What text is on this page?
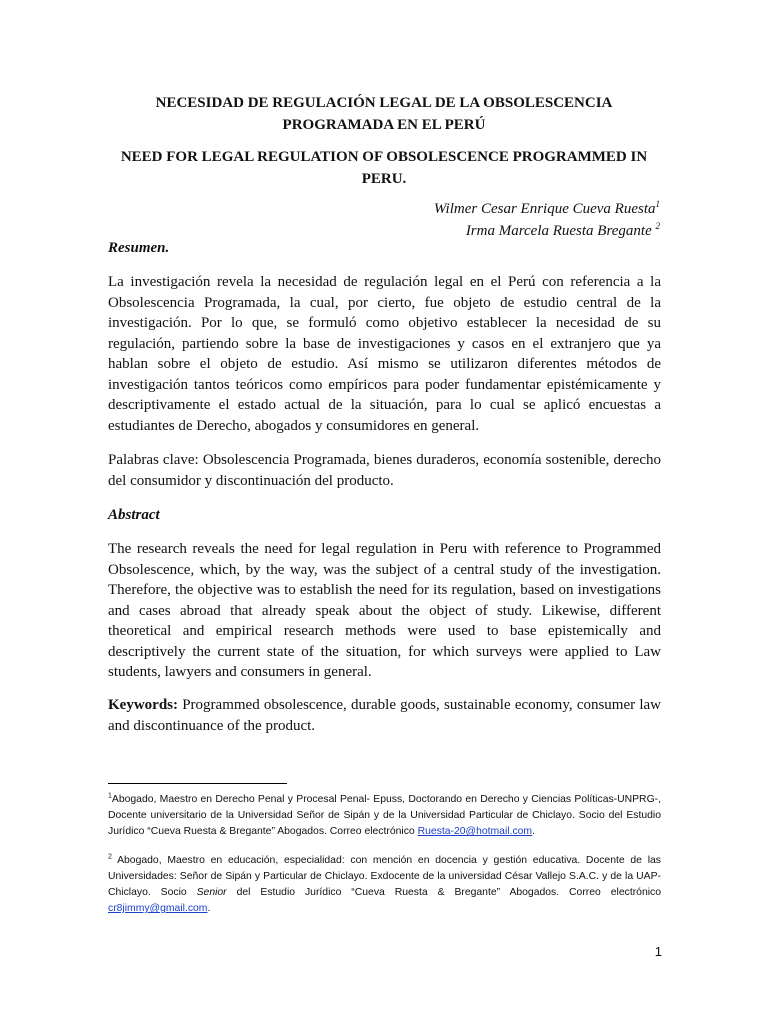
NECESIDAD DE REGULACIÓN LEGAL DE LA OBSOLESCENCIA PROGRAMADA EN EL PERÚ
NEED FOR LEGAL REGULATION OF OBSOLESCENCE PROGRAMMED IN PERU.
Wilmer Cesar Enrique Cueva Ruesta$^1$
Irma Marcela Ruesta Bregante $^2$
Resumen.
La investigación revela la necesidad de regulación legal en el Perú con referencia a la Obsolescencia Programada, la cual, por cierto, fue objeto de estudio central de la investigación. Por lo que, se formuló como objetivo establecer la necesidad de su regulación, partiendo sobre la base de investigaciones y casos en el extranjero que ya hablan sobre el objeto de estudio. Así mismo se utilizaron diferentes métodos de investigación tantos teóricos como empíricos para poder fundamentar epistémicamente y descriptivamente el estado actual de la situación, para lo cual se aplicó encuestas a estudiantes de Derecho, abogados y consumidores en general.
Palabras clave: Obsolescencia Programada, bienes duraderos, economía sostenible, derecho del consumidor y discontinuación del producto.
Abstract
The research reveals the need for legal regulation in Peru with reference to Programmed Obsolescence, which, by the way, was the subject of a central study of the investigation. Therefore, the objective was to establish the need for its regulation, based on investigations and cases abroad that already speak about the object of study. Likewise, different theoretical and empirical research methods were used to base epistemically and descriptively the current state of the situation, for which surveys were applied to Law students, lawyers and consumers in general.
Keywords: Programmed obsolescence, durable goods, sustainable economy, consumer law and discontinuance of the product.
$^1$Abogado, Maestro en Derecho Penal y Procesal Penal- Epuss, Doctorando en Derecho y Ciencias Políticas-UNPRG-, Docente universitario de la Universidad Señor de Sipán y de la Universidad Particular de Chiclayo. Socio del Estudio Jurídico “Cueva Ruesta & Bregante” Abogados. Correo electrónico Ruesta-20@hotmail.com.
$^2$ Abogado, Maestro en educación, especialidad: con mención en docencia y gestión educativa. Docente de las Universidades: Señor de Sipán y Particular de Chiclayo. Exdocente de la universidad César Vallejo S.A.C. y de la UAP-Chiclayo. Socio Senior del Estudio Jurídico “Cueva Ruesta & Bregante” Abogados. Correo electrónico cr8jimmy@gmail.com.
1
